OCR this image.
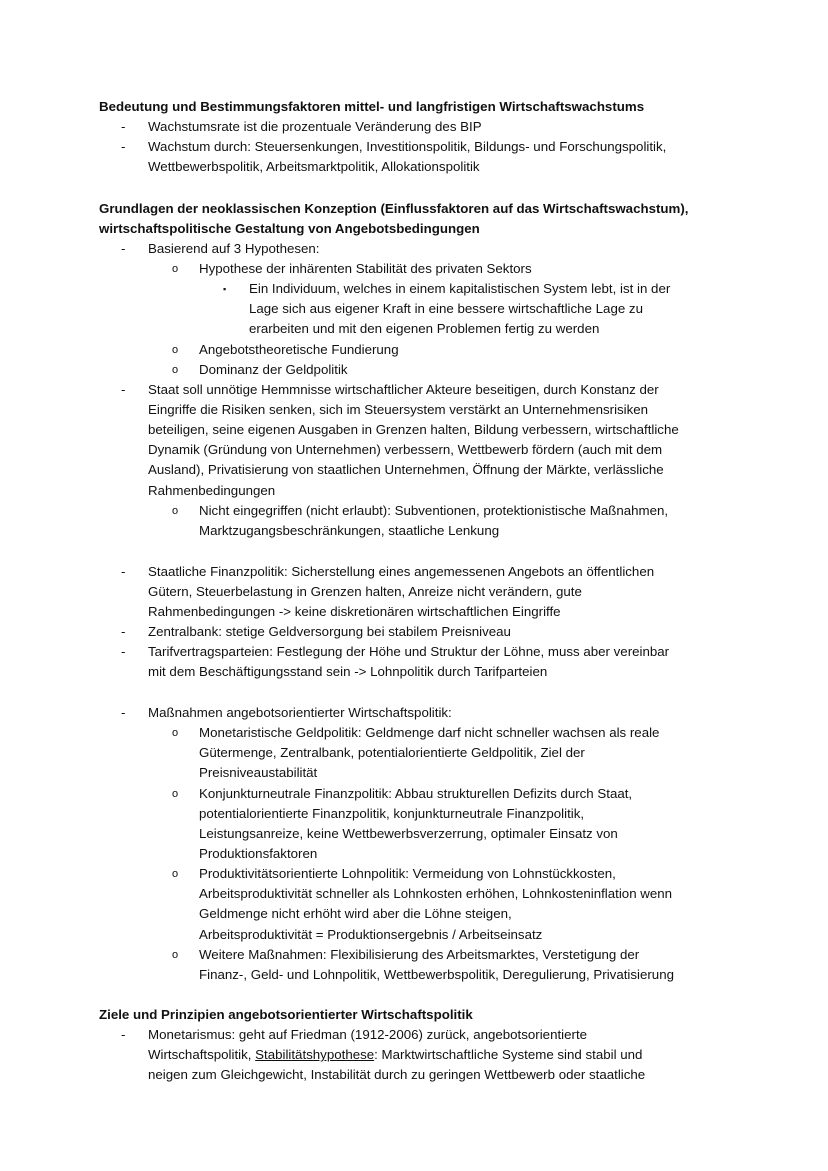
Bedeutung und Bestimmungsfaktoren mittel- und langfristigen Wirtschaftswachstums
- Wachstumsrate ist die prozentuale Veränderung des BIP
- Wachstum durch: Steuersenkungen, Investitionspolitik, Bildungs- und Forschungspolitik,
Wettbewerbspolitik, Arbeitsmarktpolitik, Allokationspolitik
Grundlagen der neoklassischen Konzeption (Einflussfaktoren auf das Wirtschaftswachstum),
wirtschaftspolitische Gestaltung von Angebotsbedingungen
- Basierend auf 3 Hypothesen:
o Hypothese der inhärenten Stabilität des privaten Sektors
▪ Ein Individuum, welches in einem kapitalistischen System lebt, ist in der
Lage sich aus eigener Kraft in eine bessere wirtschaftliche Lage zu
erarbeiten und mit den eigenen Problemen fertig zu werden
o Angebotstheoretische Fundierung
o Dominanz der Geldpolitik
- Staat soll unnötige Hemmnisse wirtschaftlicher Akteure beseitigen, durch Konstanz der
Eingriffe die Risiken senken, sich im Steuersystem verstärkt an Unternehmensrisiken
beteiligen, seine eigenen Ausgaben in Grenzen halten, Bildung verbessern, wirtschaftliche
Dynamik (Gründung von Unternehmen) verbessern, Wettbewerb fördern (auch mit dem
Ausland), Privatisierung von staatlichen Unternehmen, Öffnung der Märkte, verlässliche
Rahmenbedingungen
o Nicht eingegriffen (nicht erlaubt): Subventionen, protektionistische Maßnahmen,
Marktzugangsbeschränkungen, staatliche Lenkung
- Staatliche Finanzpolitik: Sicherstellung eines angemessenen Angebots an öffentlichen
Gütern, Steuerbelastung in Grenzen halten, Anreize nicht verändern, gute
Rahmenbedingungen -> keine diskretionären wirtschaftlichen Eingriffe
- Zentralbank: stetige Geldversorgung bei stabilem Preisniveau
- Tarifvertragsparteien: Festlegung der Höhe und Struktur der Löhne, muss aber vereinbar
mit dem Beschäftigungsstand sein -> Lohnpolitik durch Tarifparteien
- Maßnahmen angebotsorientierter Wirtschaftspolitik:
o Monetaristische Geldpolitik: Geldmenge darf nicht schneller wachsen als reale
Gütermenge, Zentralbank, potentialorientierte Geldpolitik, Ziel der
Preisniveaustabilität
o Konjunkturneutrale Finanzpolitik: Abbau strukturellen Defizits durch Staat,
potentialorientierte Finanzpolitik, konjunkturneutrale Finanzpolitik,
Leistungsanreize, keine Wettbewerbsverzerrung, optimaler Einsatz von
Produktionsfaktoren
o Produktivitätsorientierte Lohnpolitik: Vermeidung von Lohnstückkosten,
Arbeitsproduktivität schneller als Lohnkosten erhöhen, Lohnkosteninflation wenn
Geldmenge nicht erhöht wird aber die Löhne steigen,
Arbeitsproduktivität = Produktionsergebnis / Arbeitseinsatz
o Weitere Maßnahmen: Flexibilisierung des Arbeitsmarktes, Verstetigung der
Finanz-, Geld- und Lohnpolitik, Wettbewerbspolitik, Deregulierung, Privatisierung
Ziele und Prinzipien angebotsorientierter Wirtschaftspolitik
- Monetarismus: geht auf Friedman (1912-2006) zurück, angebotsorientierte
Wirtschaftspolitik, Stabilitätshypothese: Marktwirtschaftliche Systeme sind stabil und
neigen zum Gleichgewicht, Instabilität durch zu geringen Wettbewerb oder staatliche
